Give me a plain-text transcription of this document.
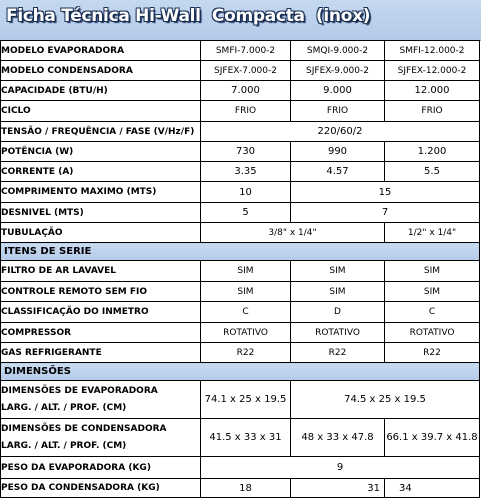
Ficha Técnica Hi-Wall  Compacta  (inox)
MODELO EVAPORADORA	SMFI-7.000-2	SMQI-9.000-2	SMFI-12.000-2
MODELO CONDENSADORA	SJFEX-7.000-2	SJFEX-9.000-2	SJFEX-12.000-2
CAPACIDADE (BTU/H)	7.000	9.000	12.000
CICLO	FRIO	FRIO	FRIO
TENSÃO / FREQUÊNCIA / FASE (V/Hz/F)	220/60/2		
POTÊNCIA (W)	730	990	1.200
CORRENTE (A)	3.35	4.57	5.5
COMPRIMENTO MAXIMO (MTS)	10	15	
DESNIVEL (MTS)	5	7	
TUBULAÇÃO	3/8" x 1/4"		1/2" x 1/4"
ITENS DE SERIE			
FILTRO DE AR LAVAVEL	SIM	SIM	SIM
CONTROLE REMOTO SEM FIO	SIM	SIM	SIM
CLASSIFICAÇÃO DO INMETRO	C	D	C
COMPRESSOR	ROTATIVO	ROTATIVO	ROTATIVO
GAS REFRIGERANTE	R22	R22	R22
DIMENSÕES			

DIMENSÕES DE EVAPORADORA
LARG. / ALT. / PROF. (CM)	74.1 x 25 x 19.5	74.5 x 25 x 19.5	

DIMENSÕES DE CONDENSADORA
LARG. / ALT. / PROF. (CM)	41.5 x 33 x 31	48 x 33 x 47.8	66.1 x 39.7 x 41.8
PESO DA EVAPORADORA (KG)	9		
PESO DA CONDENSADORA (KG)	18	31	34
